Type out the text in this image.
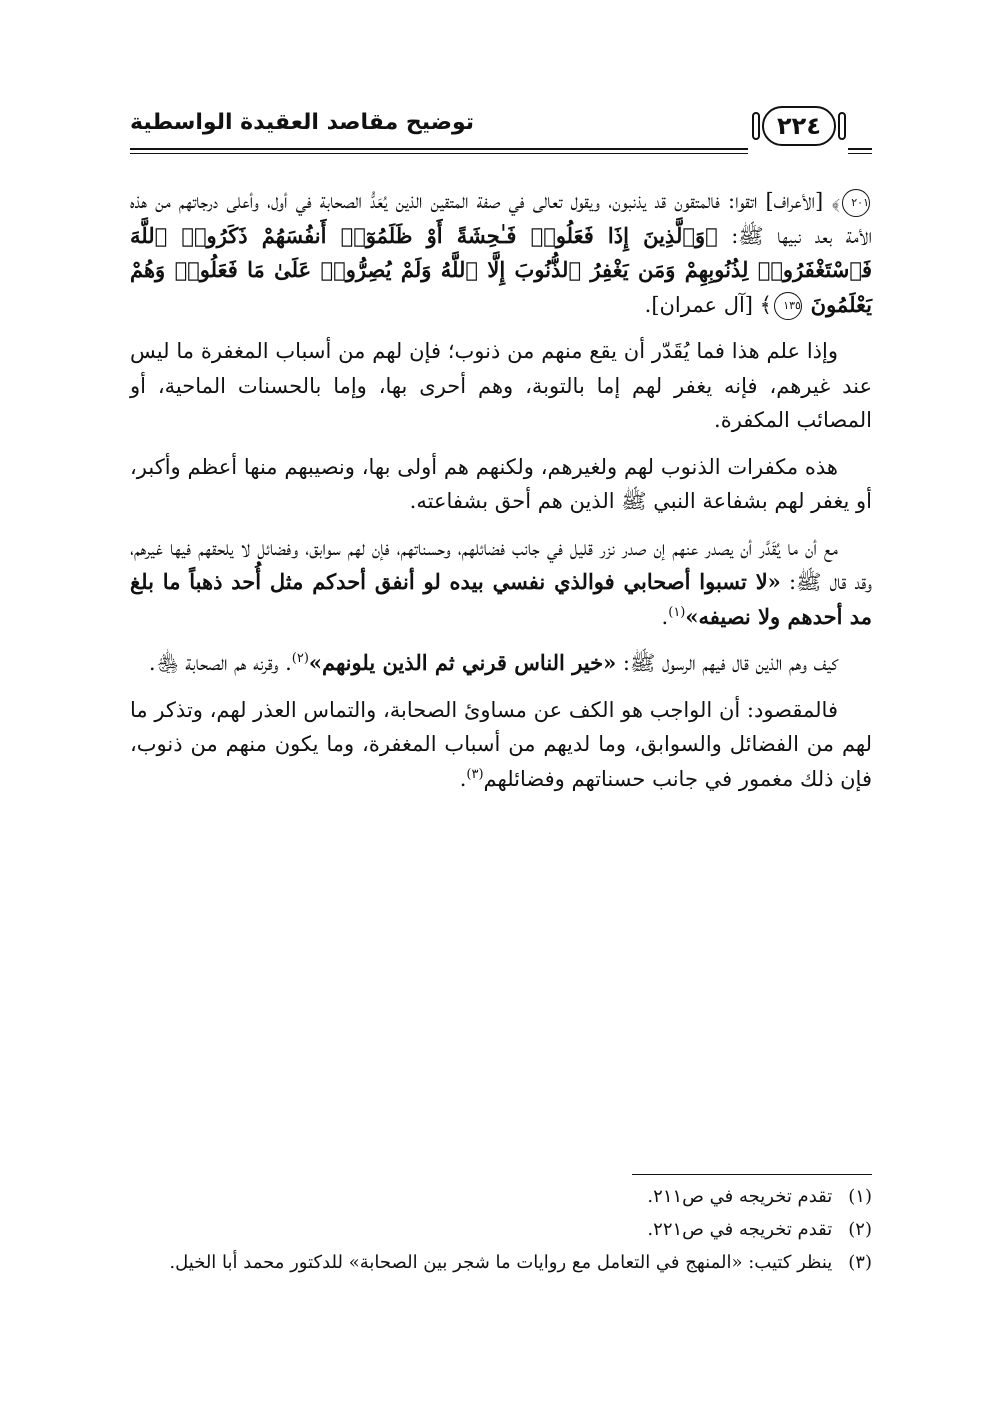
توضيح مقاصد العقيدة الواسطية	٢٢٤

٢٠١﴾ [الأعراف] اتقوا: فالمتقون قد يذنبون، ويقول تعالى في صفة المتقين الذين يُعَدُّ الصحابة في أول، وأعلى درجاتهم من هذه الأمة بعد نبيها ﷺ: ﴿وَٱلَّذِينَ إِذَا فَعَلُوا۟ فَـٰحِشَةً أَوْ ظَلَمُوٓا۟ أَنفُسَهُمْ ذَكَرُوا۟ ٱللَّهَ فَٱسْتَغْفَرُوا۟ لِذُنُوبِهِمْ وَمَن يَغْفِرُ ٱلذُّنُوبَ إِلَّا ٱللَّهُ وَلَمْ يُصِرُّوا۟ عَلَىٰ مَا فَعَلُوا۟ وَهُمْ يَعْلَمُونَ ١٣٥﴾ [آل عمران].

وإذا علم هذا فما يُقَدّر أن يقع منهم من ذنوب؛ فإن لهم من أسباب المغفرة ما ليس عند غيرهم، فإنه يغفر لهم إما بالتوبة، وهم أحرى بها، وإما بالحسنات الماحية، أو المصائب المكفرة.

هذه مكفرات الذنوب لهم ولغيرهم، ولكنهم هم أولى بها، ونصيبهم منها أعظم وأكبر، أو يغفر لهم بشفاعة النبي ﷺ الذين هم أحق بشفاعته.

مع أن ما يُقَدَّر أن يصدر عنهم إن صدر نزر قليل في جانب فضائلهم، وحسناتهم، فإن لهم سوابق، وفضائل لا يلحقهم فيها غيرهم، وقد قال ﷺ: «لا تسبوا أصحابي فوالذي نفسي بيده لو أنفق أحدكم مثل أُحد ذهباً ما بلغ مد أحدهم ولا نصيفه»$^{(١)}$.

كيف وهم الذين قال فيهم الرسول ﷺ: «خير الناس قرني ثم الذين يلونهم»$^{(٢)}$. وقرنه هم الصحابة ﵃.

فالمقصود: أن الواجب هو الكف عن مساوئ الصحابة، والتماس العذر لهم، وتذكر ما لهم من الفضائل والسوابق، وما لديهم من أسباب المغفرة، وما يكون منهم من ذنوب، فإن ذلك مغمور في جانب حسناتهم وفضائلهم$^{(٣)}$.

(١) تقدم تخريجه في ص٢١١.

(٢) تقدم تخريجه في ص٢٢١.

(٣) ينظر كتيب: «المنهج في التعامل مع روايات ما شجر بين الصحابة» للدكتور محمد أبا الخيل.
